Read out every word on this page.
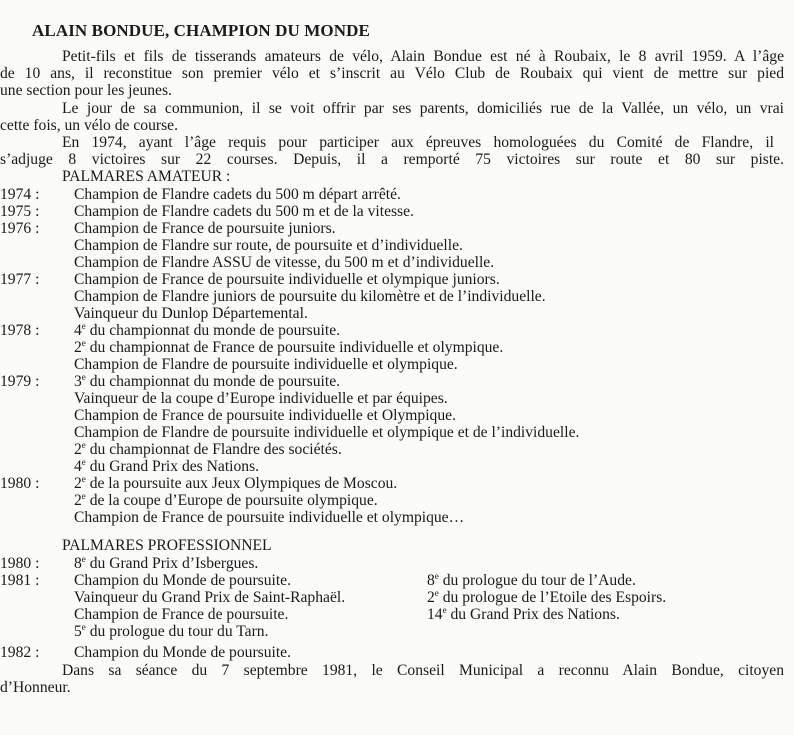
ALAIN BONDUE, CHAMPION DU MONDE
Petit-fils et fils de tisserands amateurs de vélo, Alain Bondue est né à Roubaix, le 8 avril 1959. A l’âge
de 10 ans, il reconstitue son premier vélo et s’inscrit au Vélo Club de Roubaix qui vient de mettre sur pied
une section pour les jeunes.
Le jour de sa communion, il se voit offrir par ses parents, domiciliés rue de la Vallée, un vélo, un vrai
cette fois, un vélo de course.
En 1974, ayant l’âge requis pour participer aux épreuves homologuées du Comité de Flandre, il
s’adjuge 8 victoires sur 22 courses. Depuis, il a remporté 75 victoires sur route et 80 sur piste.
PALMARES AMATEUR :
1974 : Champion de Flandre cadets du 500 m départ arrêté.
1975 : Champion de Flandre cadets du 500 m et de la vitesse.
1976 : Champion de France de poursuite juniors.
Champion de Flandre sur route, de poursuite et d’individuelle.
Champion de Flandre ASSU de vitesse, du 500 m et d’individuelle.
1977 : Champion de France de poursuite individuelle et olympique juniors.
Champion de Flandre juniors de poursuite du kilomètre et de l’individuelle.
Vainqueur du Dunlop Départemental.
1978 : 4e du championnat du monde de poursuite.
2e du championnat de France de poursuite individuelle et olympique.
Champion de Flandre de poursuite individuelle et olympique.
1979 : 3e du championnat du monde de poursuite.
Vainqueur de la coupe d’Europe individuelle et par équipes.
Champion de France de poursuite individuelle et Olympique.
Champion de Flandre de poursuite individuelle et olympique et de l’individuelle.
2e du championnat de Flandre des sociétés.
4e du Grand Prix des Nations.
1980 : 2e de la poursuite aux Jeux Olympiques de Moscou.
2e de la coupe d’Europe de poursuite olympique.
Champion de France de poursuite individuelle et olympique…
PALMARES PROFESSIONNEL
1980 : 8e du Grand Prix d’Isbergues.
1981 : Champion du Monde de poursuite.
Vainqueur du Grand Prix de Saint-Raphaël.
Champion de France de poursuite.
5e du prologue du tour du Tarn.
8e du prologue du tour de l’Aude.
2e du prologue de l’Etoile des Espoirs.
14e du Grand Prix des Nations.
1982 : Champion du Monde de poursuite.
Dans sa séance du 7 septembre 1981, le Conseil Municipal a reconnu Alain Bondue, citoyen
d’Honneur.
